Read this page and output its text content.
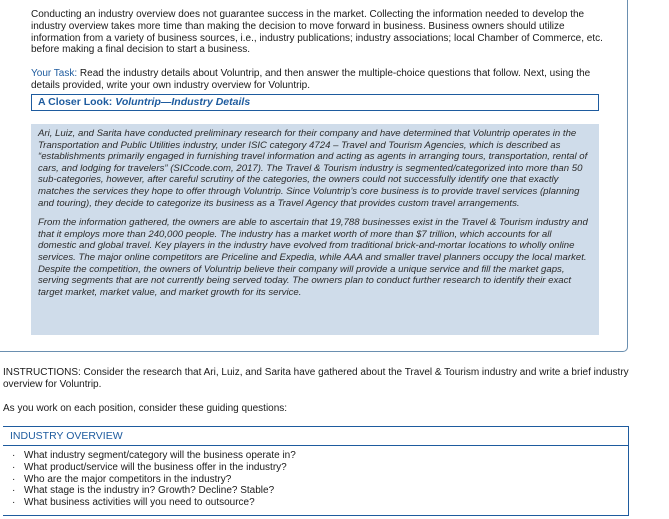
Conducting an industry overview does not guarantee success in the market. Collecting the information needed to develop the industry overview takes more time than making the decision to move forward in business. Business owners should utilize information from a variety of business sources, i.e., industry publications; industry associations; local Chamber of Commerce, etc. before making a final decision to start a business.

Your Task: Read the industry details about Voluntrip, and then answer the multiple-choice questions that follow. Next, using the details provided, write your own industry overview for Voluntrip.

A Closer Look: Voluntrip—Industry Details

Ari, Luiz, and Sarita have conducted preliminary research for their company and have determined that Voluntrip operates in the Transportation and Public Utilities industry, under ISIC category 4724 – Travel and Tourism Agencies, which is described as “establishments primarily engaged in furnishing travel information and acting as agents in arranging tours, transportation, rental of cars, and lodging for travelers” (SICcode.com, 2017). The Travel & Tourism industry is segmented/categorized into more than 50 sub-categories, however, after careful scrutiny of the categories, the owners could not successfully identify one that exactly matches the services they hope to offer through Voluntrip. Since Voluntrip’s core business is to provide travel services (planning and touring), they decide to categorize its business as a Travel Agency that provides custom travel arrangements.

From the information gathered, the owners are able to ascertain that 19,788 businesses exist in the Travel & Tourism industry and that it employs more than 240,000 people. The industry has a market worth of more than $7 trillion, which accounts for all domestic and global travel. Key players in the industry have evolved from traditional brick-and-mortar locations to wholly online services. The major online competitors are Priceline and Expedia, while AAA and smaller travel planners occupy the local market. Despite the competition, the owners of Voluntrip believe their company will provide a unique service and fill the market gaps, serving segments that are not currently being served today. The owners plan to conduct further research to identify their exact target market, market value, and market growth for its service.

INSTRUCTIONS: Consider the research that Ari, Luiz, and Sarita have gathered about the Travel & Tourism industry and write a brief industry overview for Voluntrip.

As you work on each position, consider these guiding questions:

INDUSTRY OVERVIEW
· What industry segment/category will the business operate in?
· What product/service will the business offer in the industry?
· Who are the major competitors in the industry?
· What stage is the industry in? Growth? Decline? Stable?
· What business activities will you need to outsource?
